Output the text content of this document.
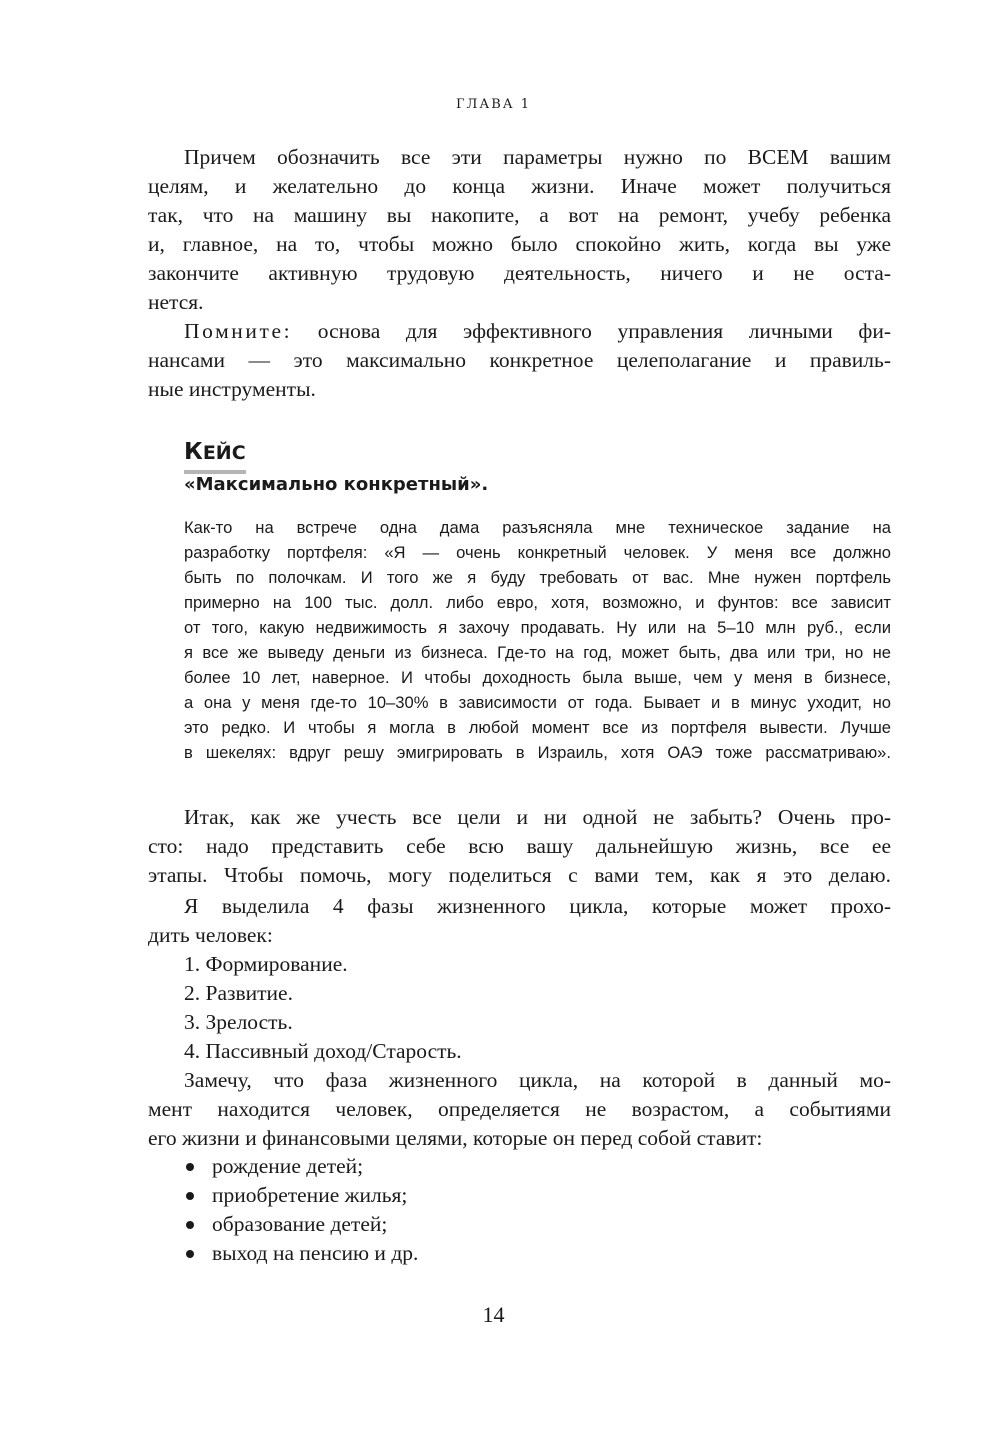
ГЛАВА 1
Причем обозначить все эти параметры нужно по ВСЕМ вашим
целям, и желательно до конца жизни. Иначе может получиться
так, что на машину вы накопите, а вот на ремонт, учебу ребенка
и, главное, на то, чтобы можно было спокойно жить, когда вы уже
закончите активную трудовую деятельность, ничего и не оста-
нется.
Помните: основа для эффективного управления личными фи-
нансами — это максимально конкретное целеполагание и правиль-
ные инструменты.
КЕЙС
«Максимально конкретный».
Как-то на встрече одна дама разъясняла мне техническое задание на
разработку портфеля: «Я — очень конкретный человек. У меня все должно
быть по полочкам. И того же я буду требовать от вас. Мне нужен портфель
примерно на 100 тыс. долл. либо евро, хотя, возможно, и фунтов: все зависит
от того, какую недвижимость я захочу продавать. Ну или на 5–10 млн руб., если
я все же выведу деньги из бизнеса. Где-то на год, может быть, два или три, но не
более 10 лет, наверное. И чтобы доходность была выше, чем у меня в бизнесе,
а она у меня где-то 10–30% в зависимости от года. Бывает и в минус уходит, но
это редко. И чтобы я могла в любой момент все из портфеля вывести. Лучше
в шекелях: вдруг решу эмигрировать в Израиль, хотя ОАЭ тоже рассматриваю».
Итак, как же учесть все цели и ни одной не забыть? Очень про-
сто: надо представить себе всю вашу дальнейшую жизнь, все ее
этапы. Чтобы помочь, могу поделиться с вами тем, как я это делаю.
Я выделила 4 фазы жизненного цикла, которые может прохо-
дить человек:
1. Формирование.
2. Развитие.
3. Зрелость.
4. Пассивный доход/Старость.
Замечу, что фаза жизненного цикла, на которой в данный мо-
мент находится человек, определяется не возрастом, а событиями
его жизни и финансовыми целями, которые он перед собой ставит:
рождение детей;
приобретение жилья;
образование детей;
выход на пенсию и др.
14
